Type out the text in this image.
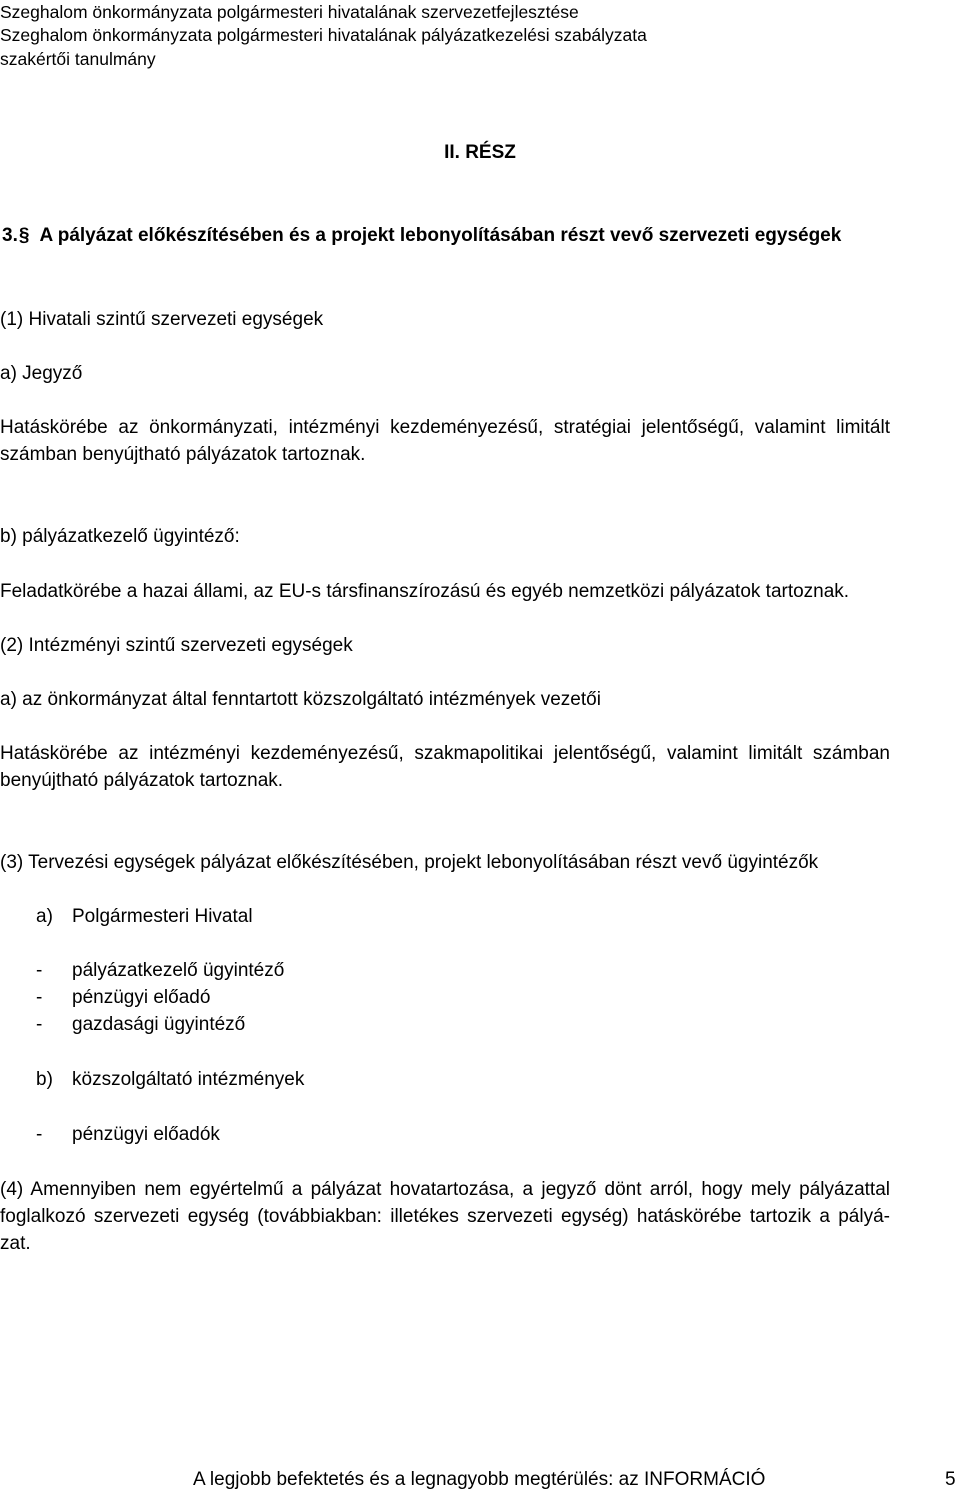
Szeghalom önkormányzata polgármesteri hivatalának szervezetfejlesztése
Szeghalom önkormányzata polgármesteri hivatalának pályázatkezelési szabályzata
szakértői tanulmány
II. RÉSZ
3.§ A pályázat előkészítésében és a projekt lebonyolításában részt vevő szervezeti egységek
(1) Hivatali szintű szervezeti egységek
a) Jegyző
Hatáskörébe az önkormányzati, intézményi kezdeményezésű, stratégiai jelentőségű, valamint limitált
számban benyújtható pályázatok tartoznak.
b) pályázatkezelő ügyintéző:
Feladatkörébe a hazai állami, az EU-s társfinanszírozású és egyéb nemzetközi pályázatok tartoznak.
(2) Intézményi szintű szervezeti egységek
a) az önkormányzat által fenntartott közszolgáltató intézmények vezetői
Hatáskörébe az intézményi kezdeményezésű, szakmapolitikai jelentőségű, valamint limitált számban
benyújtható pályázatok tartoznak.
(3) Tervezési egységek pályázat előkészítésében, projekt lebonyolításában részt vevő ügyintézők
a) Polgármesteri Hivatal
- pályázatkezelő ügyintéző
- pénzügyi előadó
- gazdasági ügyintéző
b) közszolgáltató intézmények
- pénzügyi előadók
(4) Amennyiben nem egyértelmű a pályázat hovatartozása, a jegyző dönt arról, hogy mely pályázattal
foglalkozó szervezeti egység (továbbiakban: illetékes szervezeti egység) hatáskörébe tartozik a pályá-
zat.
A legjobb befektetés és a legnagyobb megtérülés: az INFORMÁCIÓ	5
